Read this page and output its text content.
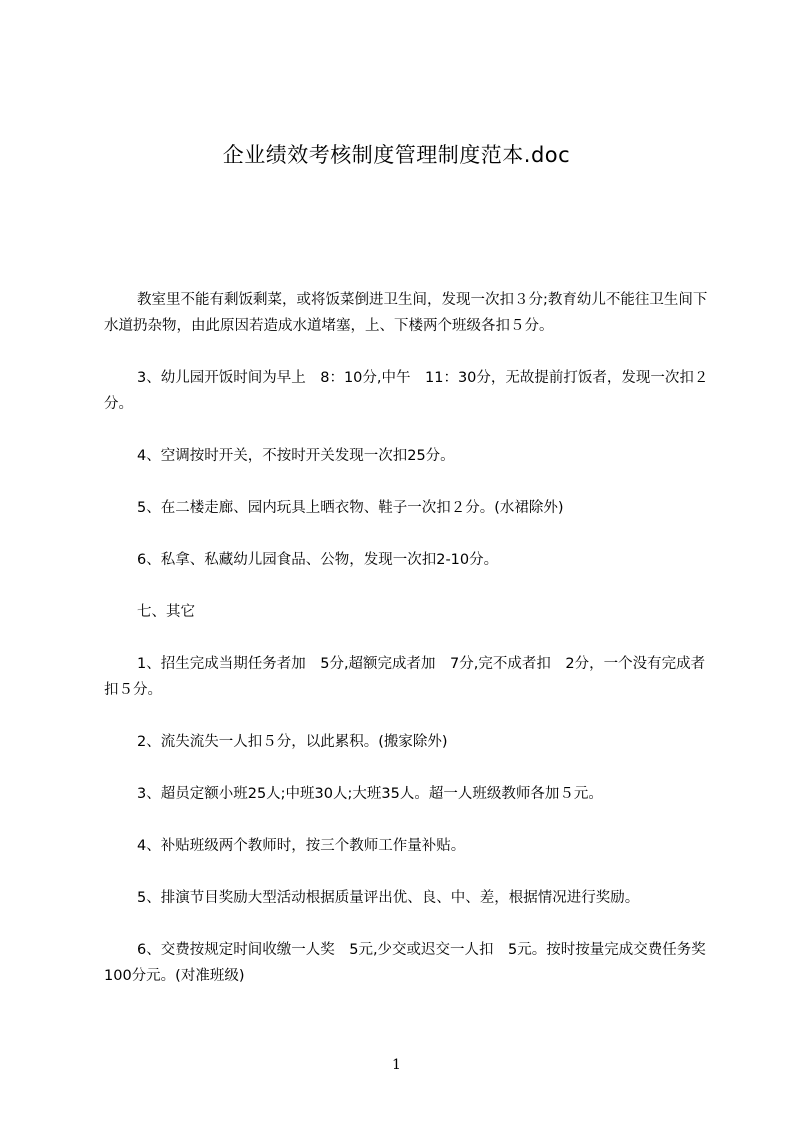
企业绩效考核制度管理制度范本.doc

教室里不能有剩饭剩菜，或将饭菜倒进卫生间，发现一次扣３分;教育幼儿不能往卫生间下水道扔杂物，由此原因若造成水道堵塞，上、下楼两个班级各扣５分。

3、幼儿园开饭时间为早上　8：10分,中午　11：30分，无故提前打饭者，发现一次扣２分。

4、空调按时开关，不按时开关发现一次扣25分。

5、在二楼走廊、园内玩具上晒衣物、鞋子一次扣２分。(水裙除外)

6、私拿、私藏幼儿园食品、公物，发现一次扣2-10分。

七、其它

1、招生完成当期任务者加　5分,超额完成者加　7分,完不成者扣　2分，一个没有完成者扣５分。

2、流失流失一人扣５分，以此累积。(搬家除外)

3、超员定额小班25人;中班30人;大班35人。超一人班级教师各加５元。

4、补贴班级两个教师时，按三个教师工作量补贴。

5、排演节目奖励大型活动根据质量评出优、良、中、差，根据情况进行奖励。

6、交费按规定时间收缴一人奖　5元,少交或迟交一人扣　5元。按时按量完成交费任务奖100分元。(对准班级)

1
